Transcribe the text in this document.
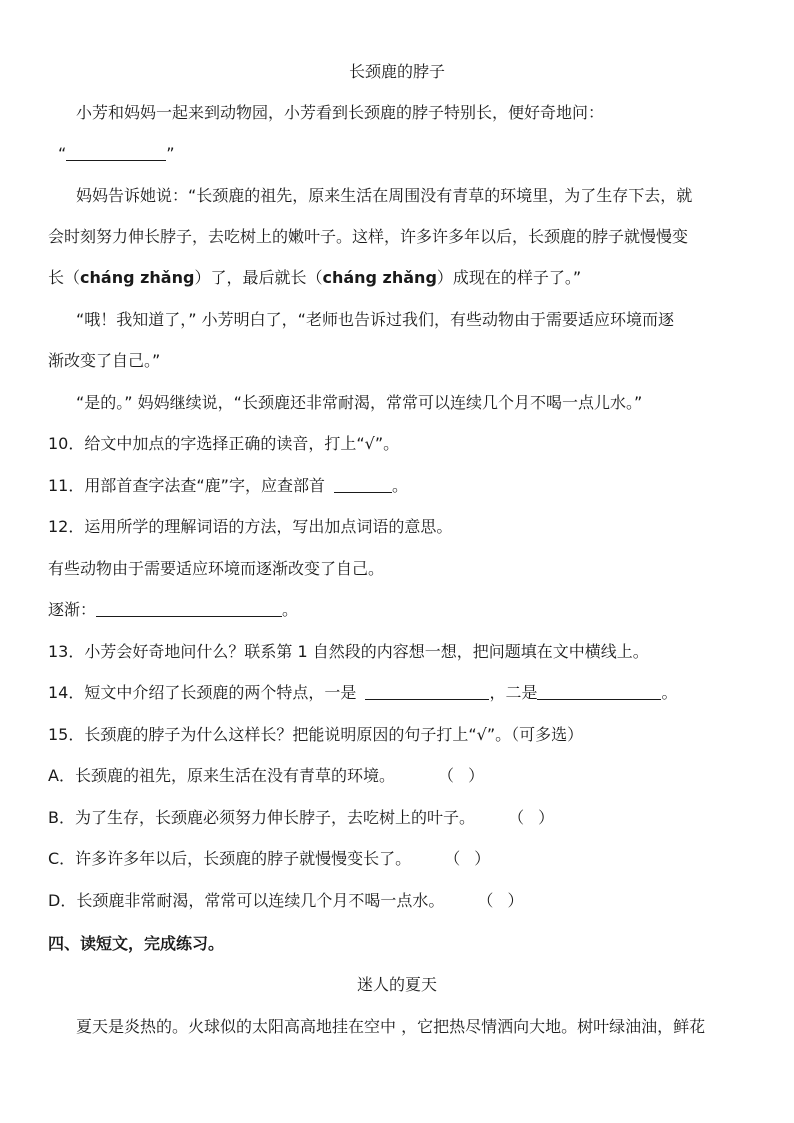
长颈鹿的脖子
小芳和妈妈一起来到动物园，小芳看到长颈鹿的脖子特别长，便好奇地问：
“	”
妈妈告诉她说：“长颈鹿的祖先，原来生活在周围没有青草的环境里，为了生存下去，就
会时刻努力伸长脖子，去吃树上的嫩叶子。这样，许多许多年以后，长颈鹿的脖子就慢慢变
长（cháng zhǎng）了，最后就长（cháng zhǎng）成现在的样子了。”
“哦！我知道了，” 小芳明白了，“老师也告诉过我们，有些动物由于需要适应环境而逐
渐改变了自己。”
“是的。” 妈妈继续说，“长颈鹿还非常耐渴，常常可以连续几个月不喝一点儿水。”
10．给文中加点的字选择正确的读音，打上“√”。
11．用部首查字法查“鹿”字，应查部首	。
12．运用所学的理解词语的方法，写出加点词语的意思。
有些动物由于需要适应环境而逐渐改变了自己。
逐渐：	。
13．小芳会好奇地问什么？联系第 1 自然段的内容想一想，把问题填在文中横线上。
14．短文中介绍了长颈鹿的两个特点，一是	，二是	。
15．长颈鹿的脖子为什么这样长？把能说明原因的句子打上“√”。（可多选）
A．长颈鹿的祖先，原来生活在没有青草的环境。	（ ）
B．为了生存，长颈鹿必须努力伸长脖子，去吃树上的叶子。 （ ）
C．许多许多年以后，长颈鹿的脖子就慢慢变长了。 （ ）
D．长颈鹿非常耐渴，常常可以连续几个月不喝一点水。 （ ）
四、读短文，完成练习。
迷人的夏天
夏天是炎热的。火球似的太阳高高地挂在空中 ，它把热尽情洒向大地。树叶绿油油，鲜花
